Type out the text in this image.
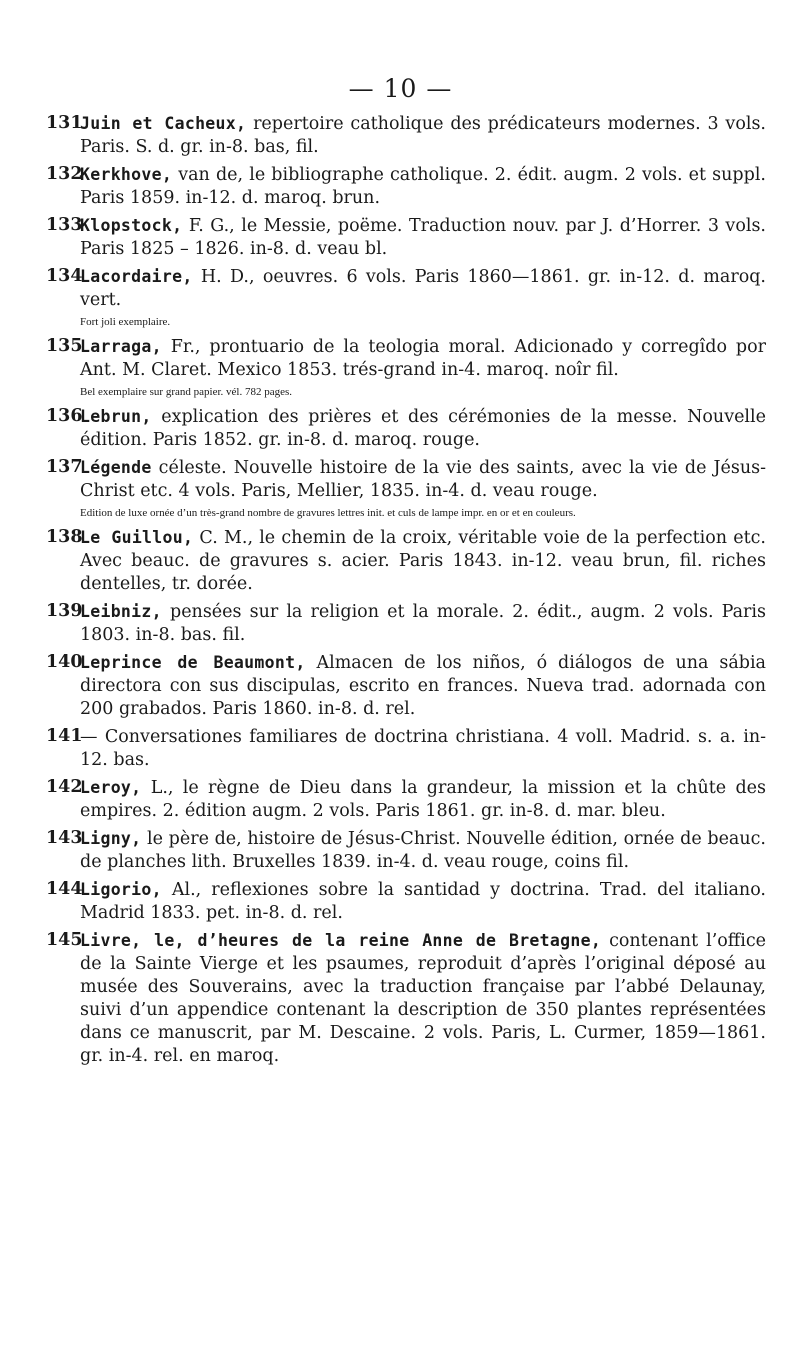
— 10 —
131
Juin et Cacheux, repertoire catholique des prédicateurs modernes. 3 vols. Paris. S. d. gr. in-8. bas, fil.
132
Kerkhove, van de, le bibliographe catholique. 2. édit. augm. 2 vols. et suppl. Paris 1859. in-12. d. maroq. brun.
133
Klopstock, F. G., le Messie, poëme. Traduction nouv. par J. d’Horrer. 3 vols. Paris 1825 – 1826. in-8. d. veau bl.
134
Lacordaire, H. D., oeuvres. 6 vols. Paris 1860—1861. gr. in-12. d. maroq. vert.
Fort joli exemplaire.
135
Larraga, Fr., prontuario de la teologia moral. Adicionado y corregîdo por Ant. M. Claret. Mexico 1853. trés-grand in-4. maroq. noîr fil.
Bel exemplaire sur grand papier. vél. 782 pages.
136
Lebrun, explication des prières et des cérémonies de la messe. Nouvelle édition. Paris 1852. gr. in-8. d. maroq. rouge.
137
Légende céleste. Nouvelle histoire de la vie des saints, avec la vie de Jésus-Christ etc. 4 vols. Paris, Mellier, 1835. in-4. d. veau rouge.
Edition de luxe ornée d’un très-grand nombre de gravures lettres init. et culs de lampe impr. en or et en couleurs.
138
Le Guillou, C. M., le chemin de la croix, véritable voie de la perfection etc. Avec beauc. de gravures s. acier. Paris 1843. in-12. veau brun, fil. riches dentelles, tr. dorée.
139
Leibniz, pensées sur la religion et la morale. 2. édit., augm. 2 vols. Paris 1803. in-8. bas. fil.
140
Leprince de Beaumont, Almacen de los niños, ó diálogos de una sábia directora con sus discipulas, escrito en frances. Nueva trad. adornada con 200 grabados. Paris 1860. in-8. d. rel.
141
— Conversationes familiares de doctrina christiana. 4 voll. Madrid. s. a. in-12. bas.
142
Leroy, L., le règne de Dieu dans la grandeur, la mission et la chûte des empires. 2. édition augm. 2 vols. Paris 1861. gr. in-8. d. mar. bleu.
143
Ligny, le père de, histoire de Jésus-Christ. Nouvelle édition, ornée de beauc. de planches lith. Bruxelles 1839. in-4. d. veau rouge, coins fil.
144
Ligorio, Al., reflexiones sobre la santidad y doctrina. Trad. del italiano. Madrid 1833. pet. in-8. d. rel.
145
Livre, le, d’heures de la reine Anne de Bretagne, contenant l’office de la Sainte Vierge et les psaumes, reproduit d’après l’original déposé au musée des Souverains, avec la traduction française par l’abbé Delaunay, suivi d’un appendice contenant la description de 350 plantes représentées dans ce manuscrit, par M. Descaine. 2 vols. Paris, L. Curmer, 1859—1861. gr. in-4. rel. en maroq.
